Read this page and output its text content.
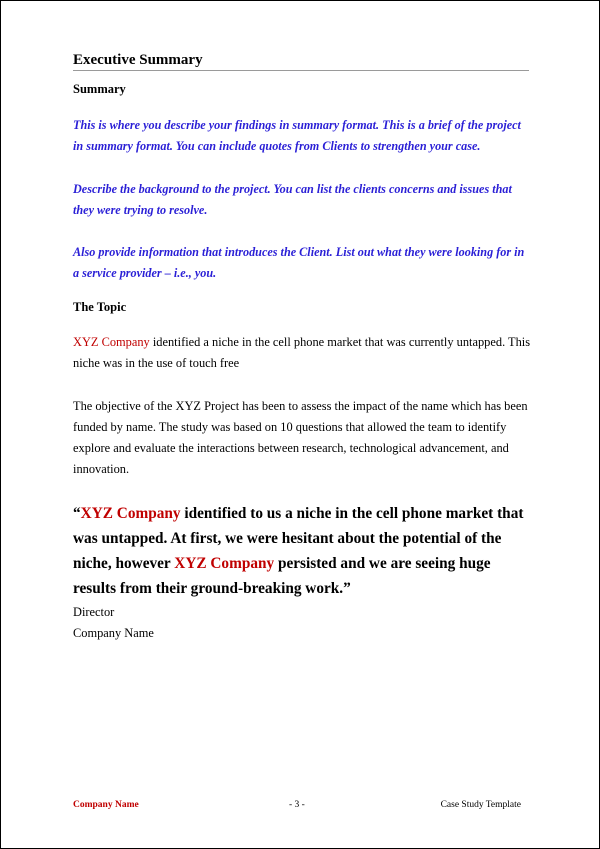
Executive Summary
Summary
This is where you describe your findings in summary format. This is a brief of the project in summary format. You can include quotes from Clients to strengthen your case.
Describe the background to the project. You can list the clients concerns and issues that they were trying to resolve.
Also provide information that introduces the Client. List out what they were looking for in a service provider – i.e., you.
The Topic
XYZ Company identified a niche in the cell phone market that was currently untapped. This niche was in the use of touch free
The objective of the XYZ Project has been to assess the impact of the name which has been funded by name. The study was based on 10 questions that allowed the team to identify explore and evaluate the interactions between research, technological advancement, and innovation.
“XYZ Company identified to us a niche in the cell phone market that was untapped. At first, we were hesitant about the potential of the niche, however XYZ Company persisted and we are seeing huge results from their ground-breaking work.”
Director
Company Name
Company Name	- 3 -	Case Study Template
